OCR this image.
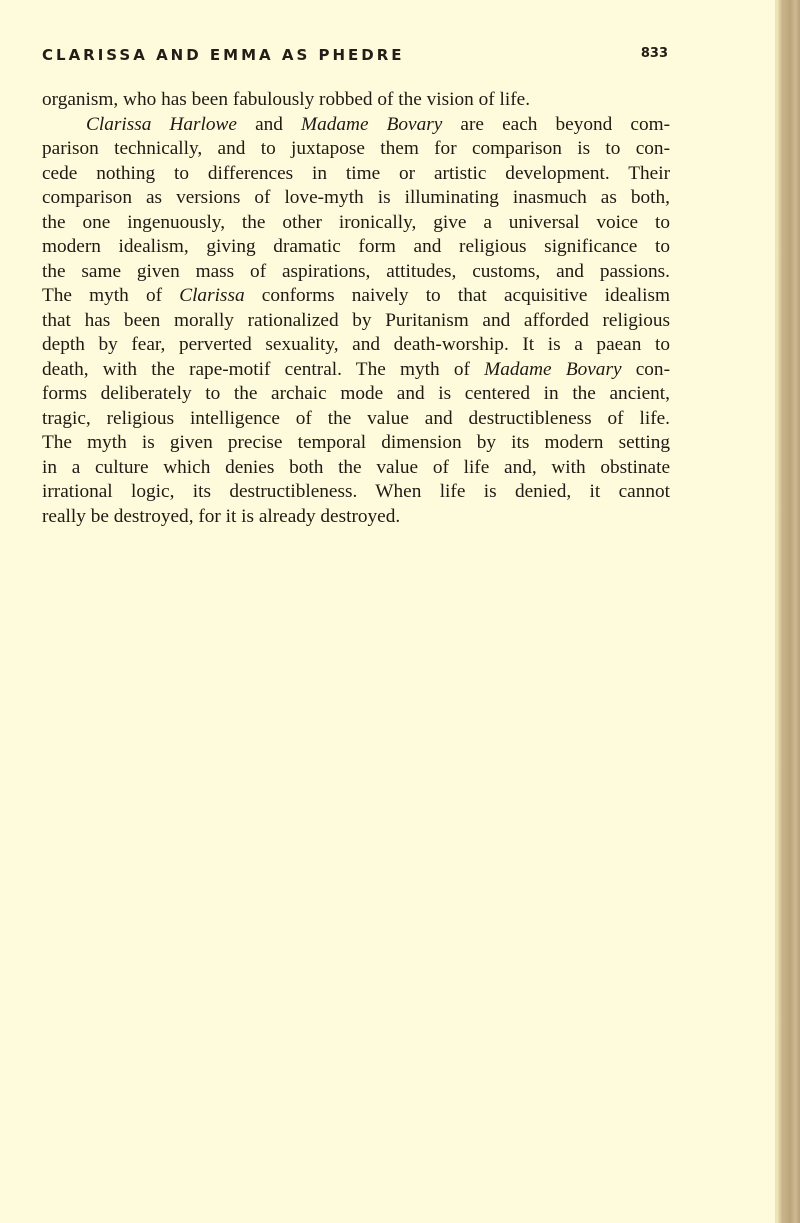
CLARISSA AND EMMA AS PHEDRE	833
organism, who has been fabulously robbed of the vision of life.
Clarissa Harlowe and Madame Bovary are each beyond com-
parison technically, and to juxtapose them for comparison is to con-
cede nothing to differences in time or artistic development. Their
comparison as versions of love-myth is illuminating inasmuch as both,
the one ingenuously, the other ironically, give a universal voice to
modern idealism, giving dramatic form and religious significance to
the same given mass of aspirations, attitudes, customs, and passions.
The myth of Clarissa conforms naively to that acquisitive idealism
that has been morally rationalized by Puritanism and afforded religious
depth by fear, perverted sexuality, and death-worship. It is a paean to
death, with the rape-motif central. The myth of Madame Bovary con-
forms deliberately to the archaic mode and is centered in the ancient,
tragic, religious intelligence of the value and destructibleness of life.
The myth is given precise temporal dimension by its modern setting
in a culture which denies both the value of life and, with obstinate
irrational logic, its destructibleness. When life is denied, it cannot
really be destroyed, for it is already destroyed.
